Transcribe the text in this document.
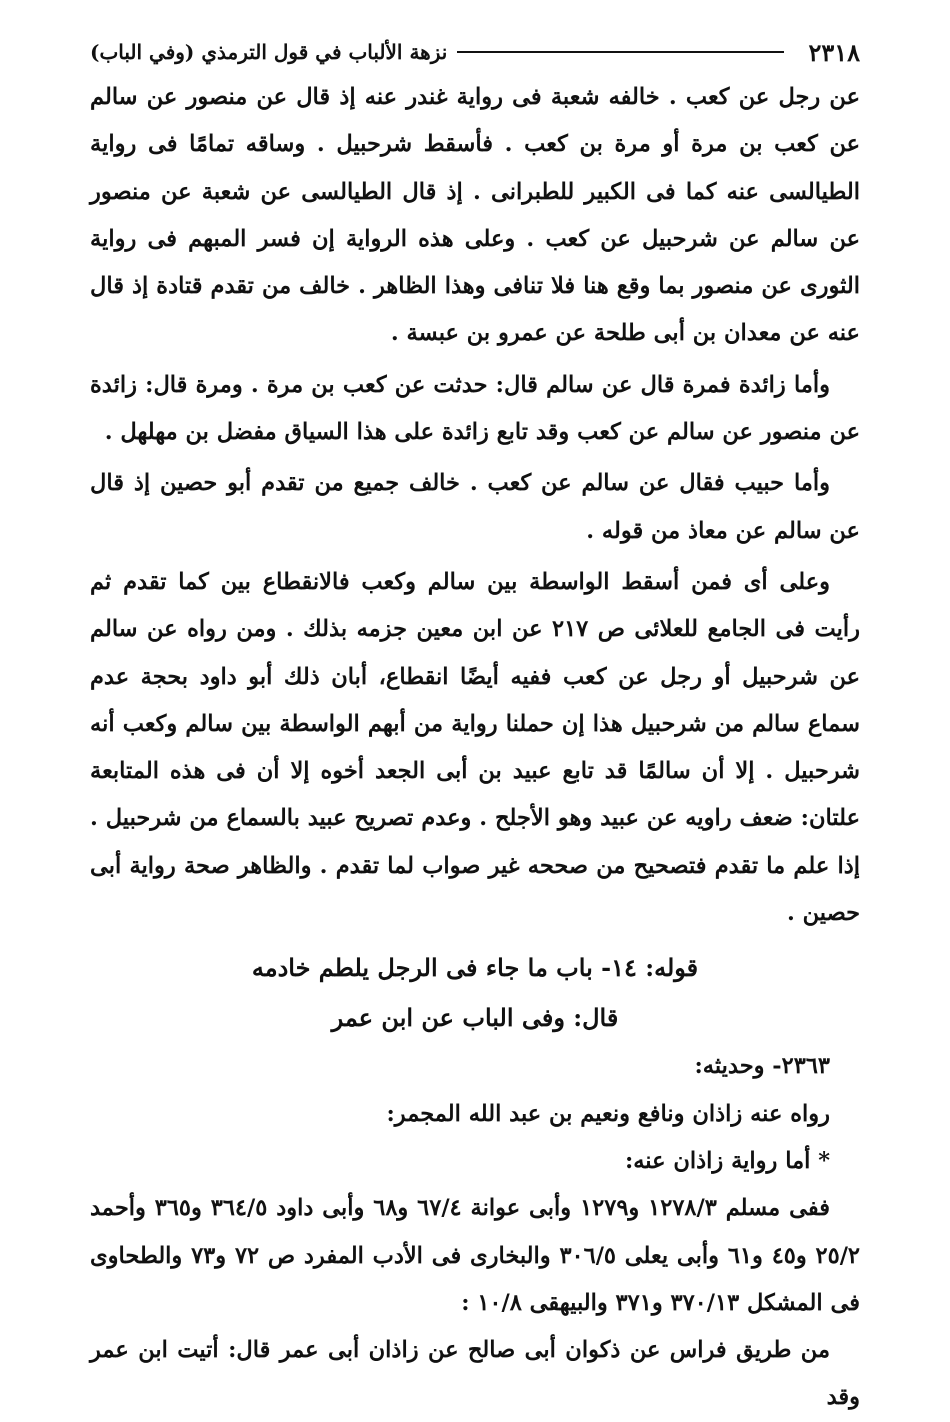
٢٣١٨
نزهة الألباب في قول الترمذي (وفي الباب)

عن رجل عن كعب . خالفه شعبة فى رواية غندر عنه إذ قال عن منصور عن سالم عن كعب بن مرة أو مرة بن كعب . فأسقط شرحبيل . وساقه تمامًا فى رواية الطيالسى عنه كما فى الكبير للطبرانى . إذ قال الطيالسى عن شعبة عن منصور عن سالم عن شرحبيل عن كعب . وعلى هذه الرواية إن فسر المبهم فى رواية الثورى عن منصور بما وقع هنا فلا تنافى وهذا الظاهر . خالف من تقدم قتادة إذ قال عنه عن معدان بن أبى طلحة عن عمرو بن عبسة .

وأما زائدة فمرة قال عن سالم قال: حدثت عن كعب بن مرة . ومرة قال: زائدة عن منصور عن سالم عن كعب وقد تابع زائدة على هذا السياق مفضل بن مهلهل .

وأما حبيب فقال عن سالم عن كعب . خالف جميع من تقدم أبو حصين إذ قال عن سالم عن معاذ من قوله .

وعلى أى فمن أسقط الواسطة بين سالم وكعب فالانقطاع بين كما تقدم ثم رأيت فى الجامع للعلائى ص ٢١٧ عن ابن معين جزمه بذلك . ومن رواه عن سالم عن شرحبيل أو رجل عن كعب ففيه أيضًا انقطاع، أبان ذلك أبو داود بحجة عدم سماع سالم من شرحبيل هذا إن حملنا رواية من أبهم الواسطة بين سالم وكعب أنه شرحبيل . إلا أن سالمًا قد تابع عبيد بن أبى الجعد أخوه إلا أن فى هذه المتابعة علتان: ضعف راويه عن عبيد وهو الأجلح . وعدم تصريح عبيد بالسماع من شرحبيل . إذا علم ما تقدم فتصحيح من صححه غير صواب لما تقدم . والظاهر صحة رواية أبى حصين .

قوله: ١٤- باب ما جاء فى الرجل يلطم خادمه

قال: وفى الباب عن ابن عمر

٢٣٦٣- وحديثه:

رواه عنه زاذان ونافع ونعيم بن عبد الله المجمر:

* أما رواية زاذان عنه:

ففى مسلم ١٢٧٨/٣ و١٢٧٩ وأبى عوانة ٦٧/٤ و٦٨ وأبى داود ٣٦٤/٥ و٣٦٥ وأحمد ٢٥/٢ و٤٥ و٦١ وأبى يعلى ٣٠٦/٥ والبخارى فى الأدب المفرد ص ٧٢ و٧٣ والطحاوى فى المشكل ٣٧٠/١٣ و٣٧١ والبيهقى ١٠/٨ :

من طريق فراس عن ذكوان أبى صالح عن زاذان أبى عمر قال: أتيت ابن عمر وقد
